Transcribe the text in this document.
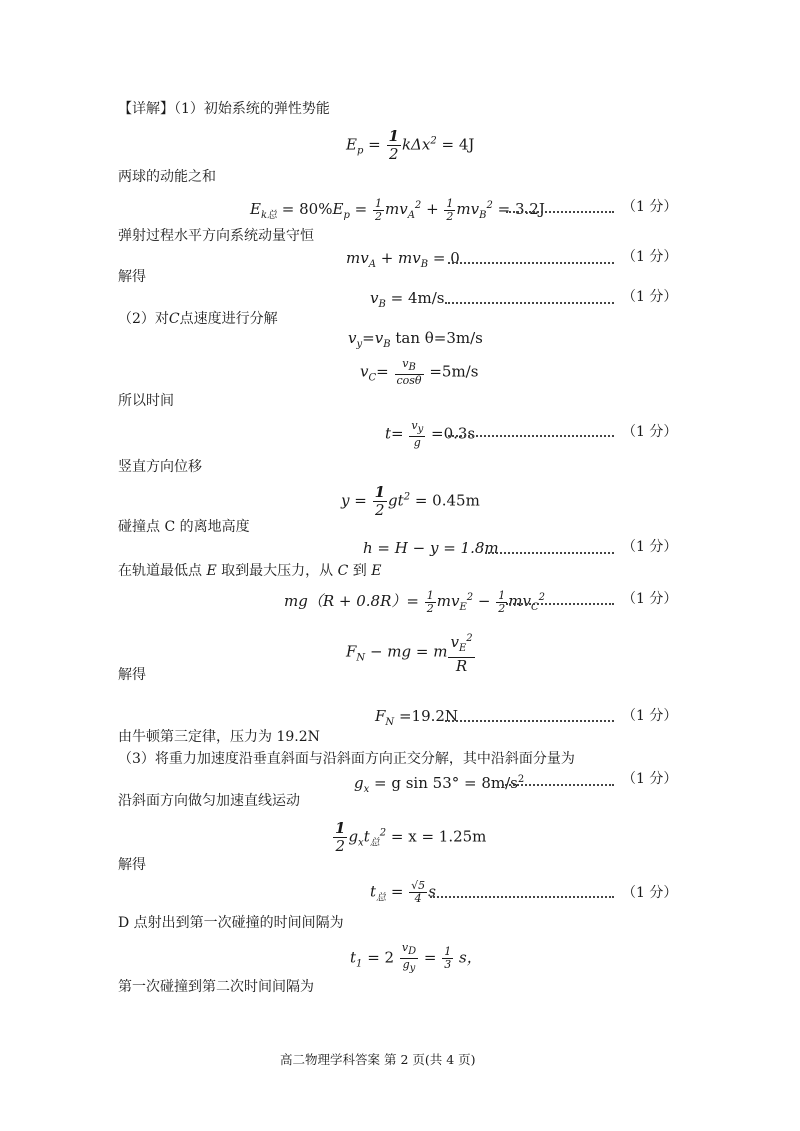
【详解】（1）初始系统的弹性势能
$E_p = \frac{1}{2} k\Delta x^2 = 4J$
两球的动能之和
$E_{k总} = 80\%E_p = \frac{1}{2} mv_A^2 + \frac{1}{2} mv_B^2 = 3.2J$	（1 分）
弹射过程水平方向系统动量守恒
$mv_A + mv_B = 0$	（1 分）
解得
$v_B = 4m/s$	（1 分）
（2）对C点速度进行分解
$v_y=v_B$ tan θ=3m/s
$v_C= \frac{v_B}{\cos\theta} =5m/s$
所以时间
$t= \frac{v_y}{g} =0.3s$	（1 分）
竖直方向位移
$y = \frac{1}{2} gt^2 = 0.45m$
碰撞点 C 的离地高度
h = H − y = 1.8m	（1 分）
在轨道最低点 E 取到最大压力，从 C 到 E
$mg(R + 0.8R)= \frac{1}{2} mv_E^2 - \frac{1}{2} mv_C^2$	（1 分）
$F_N$ − mg = m $\frac{v_E^2}{R}$
解得
$F_N =19.2N$	（1 分）
由牛顿第三定律，压力为 19.2N
（3）将重力加速度沿垂直斜面与沿斜面方向正交分解，其中沿斜面分量为
$g_x = g$ $\sin 53^\circ = 8m/s^2$	（1 分）
沿斜面方向做匀加速直线运动
$\frac{1}{2} g_xt_总^2 = x = 1.25m$
解得
$t_总 = \frac{√5}{4}$ s	（1 分）
D 点射出到第一次碰撞的时间间隔为
$t_1 = 2 \frac{v_D}{g_y} = \frac{1}{3}$ s，
第一次碰撞到第二次时间间隔为
高二物理学科答案 第 2 页(共 4 页)
